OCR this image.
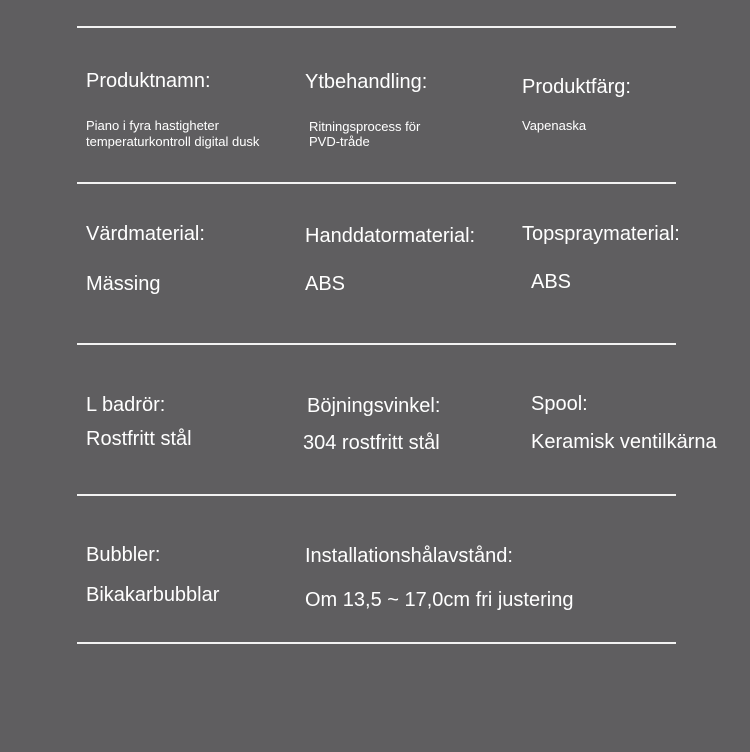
Produktnamn:
Piano i fyra hastigheter
temperaturkontroll digital dusk
Ytbehandling:
Ritningsprocess för
PVD-tråde
Produktfärg:
Vapenaska
Värdmaterial:
Mässing
Handdatormaterial:
ABS
Topspraymaterial:
ABS
L badrör:
Rostfritt stål
Böjningsvinkel:
304 rostfritt stål
Spool:
Keramisk ventilkärna
Bubbler:
Bikakarbubblar
Installationshålavstånd:
Om 13,5 ~ 17,0cm fri justering
